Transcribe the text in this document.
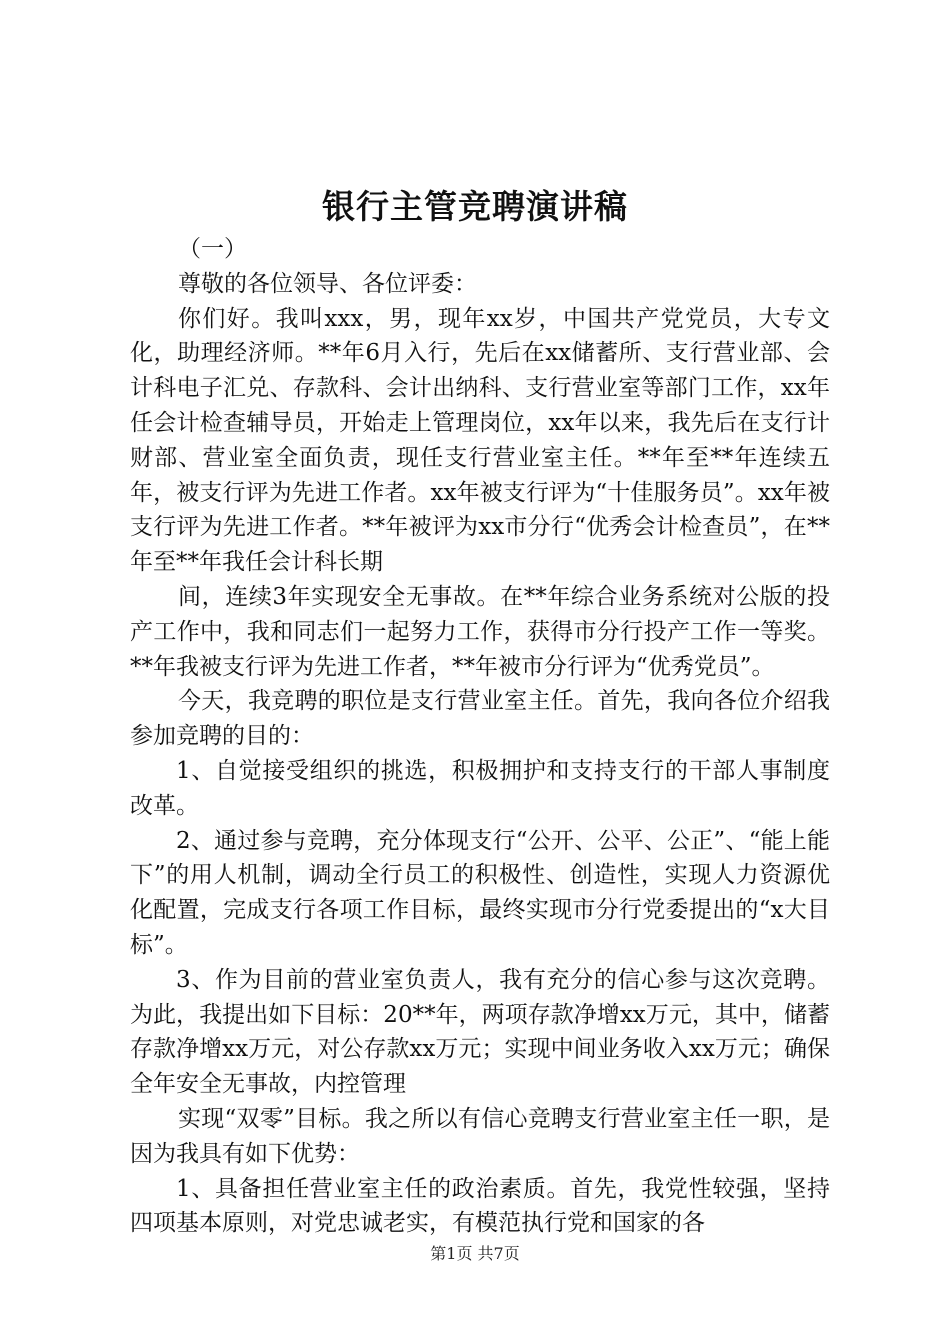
银行主管竞聘演讲稿

（一）

尊敬的各位领导、各位评委：

你们好。我叫xxx，男，现年xx岁，中国共产党党员，大专文化，助理经济师。**年6月入行，先后在xx储蓄所、支行营业部、会计科电子汇兑、存款科、会计出纳科、支行营业室等部门工作，xx年任会计检查辅导员，开始走上管理岗位，xx年以来，我先后在支行计财部、营业室全面负责，现任支行营业室主任。**年至**年连续五年，被支行评为先进工作者。xx年被支行评为“十佳服务员”。xx年被支行评为先进工作者。**年被评为xx市分行“优秀会计检查员”，在**年至**年我任会计科长期

间，连续3年实现安全无事故。在**年综合业务系统对公版的投产工作中，我和同志们一起努力工作，获得市分行投产工作一等奖。**年我被支行评为先进工作者，**年被市分行评为“优秀党员”。

今天，我竞聘的职位是支行营业室主任。首先，我向各位介绍我参加竞聘的目的：

1、自觉接受组织的挑选，积极拥护和支持支行的干部人事制度改革。

2、通过参与竞聘，充分体现支行“公开、公平、公正”、“能上能下”的用人机制，调动全行员工的积极性、创造性，实现人力资源优化配置，完成支行各项工作目标，最终实现市分行党委提出的“x大目标”。

3、作为目前的营业室负责人，我有充分的信心参与这次竞聘。为此，我提出如下目标：20**年，两项存款净增xx万元，其中，储蓄存款净增xx万元，对公存款xx万元；实现中间业务收入xx万元；确保全年安全无事故，内控管理

实现“双零”目标。我之所以有信心竞聘支行营业室主任一职，是因为我具有如下优势：

1、具备担任营业室主任的政治素质。首先，我党性较强，坚持四项基本原则，对党忠诚老实，有模范执行党和国家的各

第1页 共7页
